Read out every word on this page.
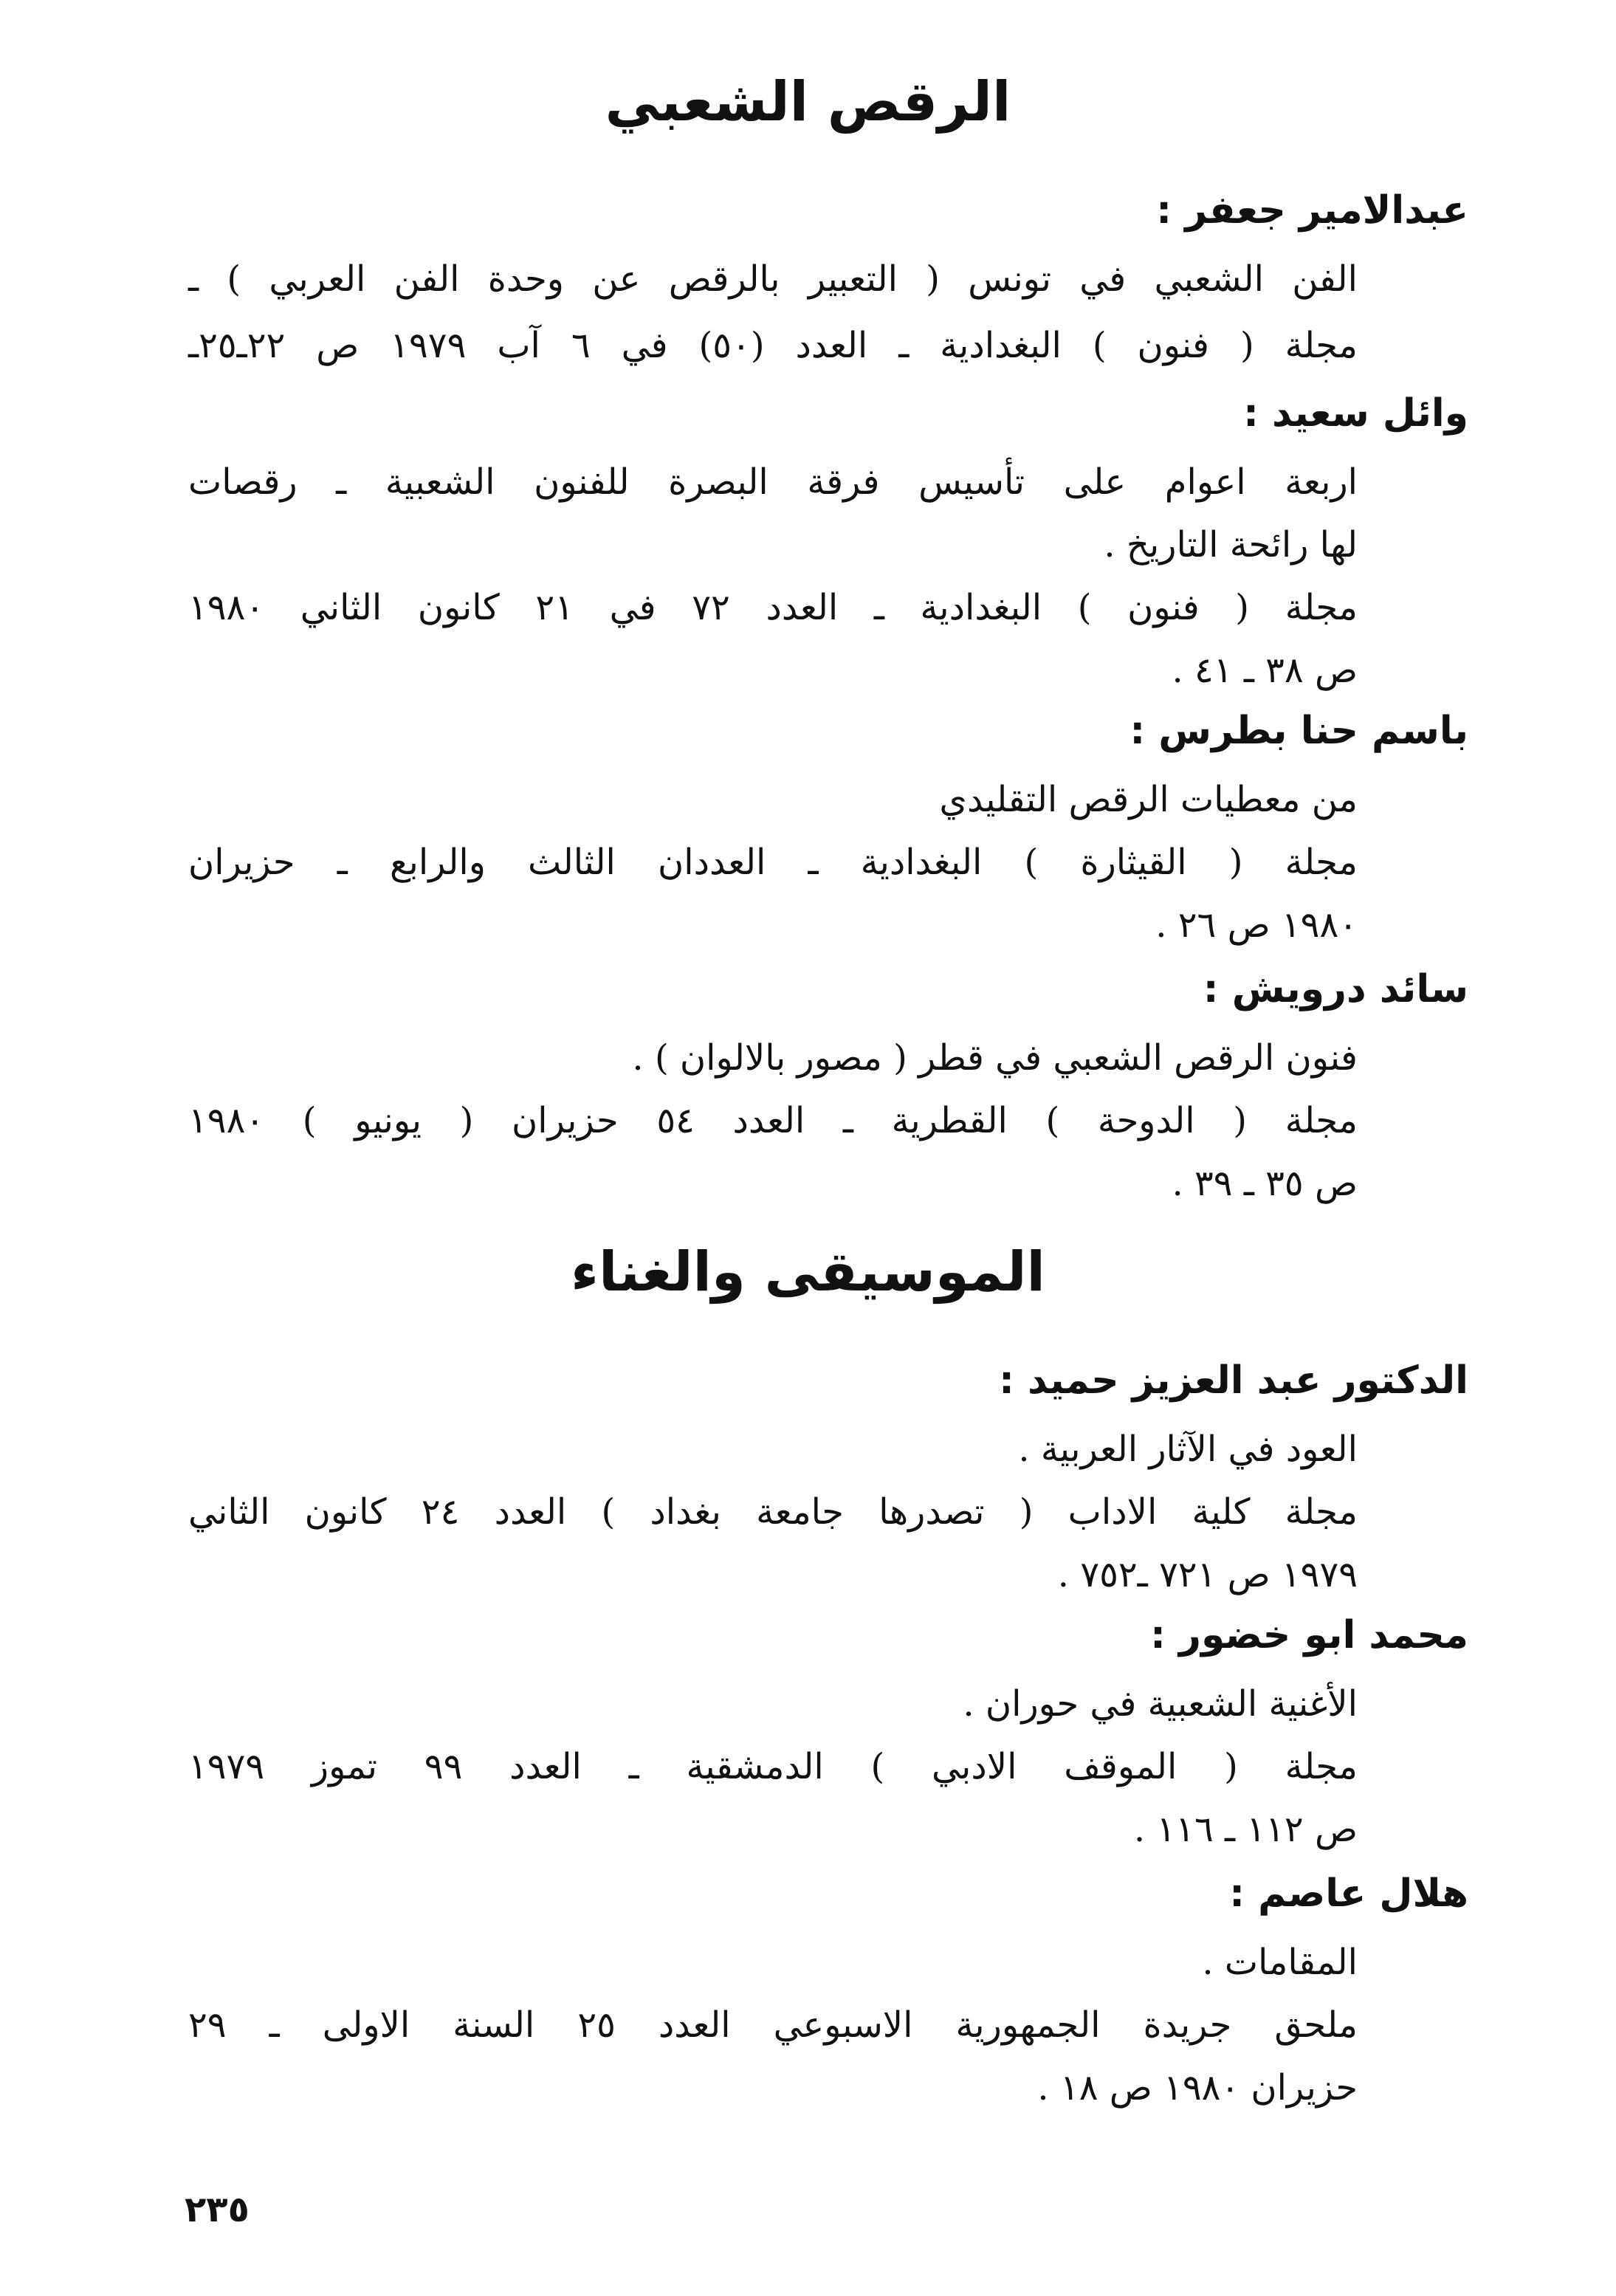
الرقص الشعبي
عبدالامير جعفر :
الفن الشعبي في تونس ( التعبير بالرقص عن وحدة الفن العربي ) ـ
مجلة ( فنون ) البغدادية ـ العدد (٥٠) في ٦ آب ١٩٧٩ ص ٢٢ـ٢٥ـ
وائل سعيد :
اربعة اعوام على تأسيس فرقة البصرة للفنون الشعبية ـ رقصات
لها رائحة التاريخ .
مجلة ( فنون ) البغدادية ـ العدد ٧٢ في ٢١ كانون الثاني ١٩٨٠
ص ٣٨ ـ ٤١ .
باسم حنا بطرس :
من معطيات الرقص التقليدي
مجلة ( القيثارة ) البغدادية ـ العددان الثالث والرابع ـ حزيران
١٩٨٠ ص ٢٦ .
سائد درويش :
فنون الرقص الشعبي في قطر ( مصور بالالوان ) .
مجلة ( الدوحة ) القطرية ـ العدد ٥٤ حزيران ( يونيو ) ١٩٨٠
ص ٣٥ ـ ٣٩ .
الموسيقى والغناء
الدكتور عبد العزيز حميد :
العود في الآثار العربية .
مجلة كلية الاداب ( تصدرها جامعة بغداد ) العدد ٢٤ كانون الثاني
١٩٧٩ ص ٧٢١ ـ٧٥٢ .
محمد ابو خضور :
الأغنية الشعبية في حوران .
مجلة ( الموقف الادبي ) الدمشقية ـ العدد ٩٩ تموز ١٩٧٩
ص ١١٢ ـ ١١٦ .
هلال عاصم :
المقامات .
ملحق جريدة الجمهورية الاسبوعي العدد ٢٥ السنة الاولى ـ ٢٩
حزيران ١٩٨٠ ص ١٨ .
٢٣٥
